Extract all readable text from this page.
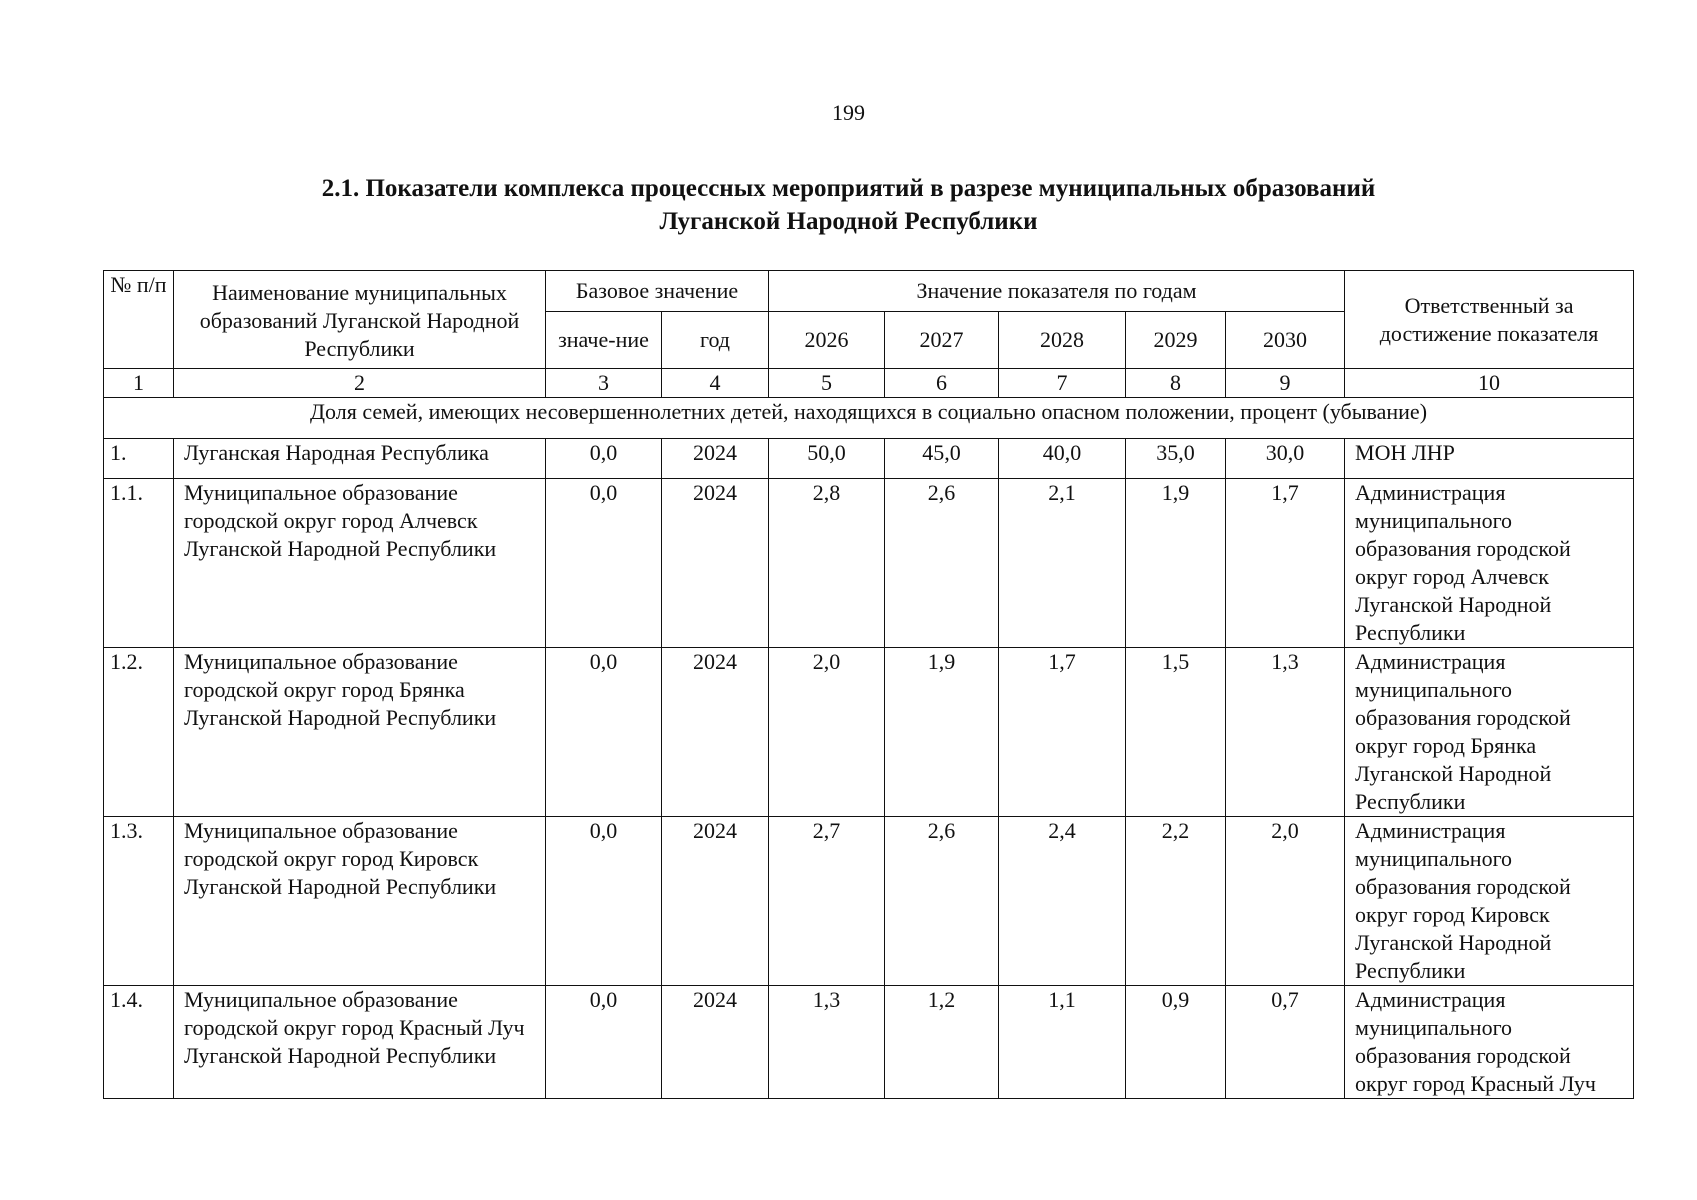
199
2.1. Показатели комплекса процессных мероприятий в разрезе муниципальных образований
Луганской Народной Республики
№ п/п	Наименование муниципальных образований Луганской Народной Республики	Базовое значение		Значение показателя по годам					Ответственный за достижение показателя
		значе-ние	год	2026	2027	2028	2029	2030	
1	2	3	4	5	6	7	8	9	10
Доля семей, имеющих несовершеннолетних детей, находящихся в социально опасном положении, процент (убывание)									
1.	Луганская Народная Республика	0,0	2024	50,0	45,0	40,0	35,0	30,0	МОН ЛНР
1.1.	Муниципальное образование городской округ город Алчевск Луганской Народной Республики	0,0	2024	2,8	2,6	2,1	1,9	1,7	Администрация муниципального образования городской округ город Алчевск Луганской Народной Республики
1.2.	Муниципальное образование городской округ город Брянка Луганской Народной Республики	0,0	2024	2,0	1,9	1,7	1,5	1,3	Администрация муниципального образования городской округ город Брянка Луганской Народной Республики
1.3.	Муниципальное образование городской округ город Кировск Луганской Народной Республики	0,0	2024	2,7	2,6	2,4	2,2	2,0	Администрация муниципального образования городской округ город Кировск Луганской Народной Республики
1.4.	Муниципальное образование городской округ город Красный Луч Луганской Народной Республики	0,0	2024	1,3	1,2	1,1	0,9	0,7	Администрация муниципального образования городской округ город Красный Луч
